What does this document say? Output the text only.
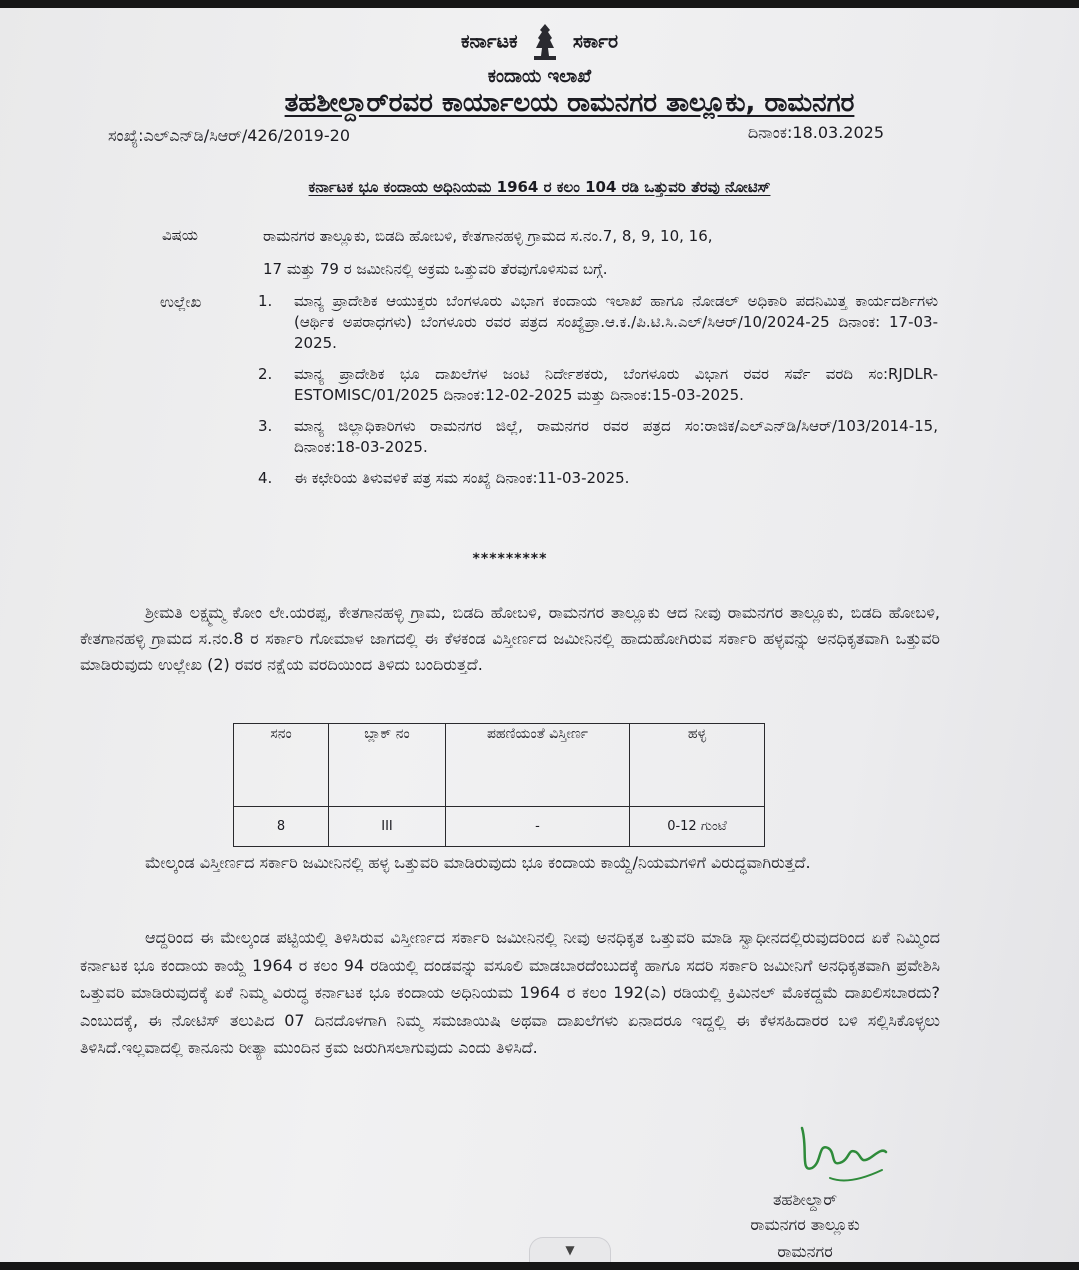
ಕರ್ನಾಟಕ	ಸರ್ಕಾರ
ಕಂದಾಯ ಇಲಾಖೆ
ತಹಶೀಲ್ದಾರ್‌ರವರ ಕಾರ್ಯಾಲಯ ರಾಮನಗರ ತಾಲ್ಲೂಕು, ರಾಮನಗರ
ಸಂಖ್ಯೆ:ಎಲ್ಎನ್‌ಡಿ/ಸಿಆರ್/426/2019-20	ದಿನಾಂಕ:18.03.2025
ಕರ್ನಾಟಕ ಭೂ ಕಂದಾಯ ಅಧಿನಿಯಮ 1964 ರ ಕಲಂ 104 ರಡಿ ಒತ್ತುವರಿ ತೆರವು ನೋಟಿಸ್
ವಿಷಯ	ರಾಮನಗರ ತಾಲ್ಲೂಕು, ಬಿಡದಿ ಹೋಬಳಿ, ಕೇತಗಾನಹಳ್ಳಿ ಗ್ರಾಮದ ಸ.ನಂ.7, 8, 9, 10, 16,
17 ಮತ್ತು 79 ರ ಜಮೀನಿನಲ್ಲಿ ಅಕ್ರಮ ಒತ್ತುವರಿ ತೆರವುಗೊಳಿಸುವ ಬಗ್ಗೆ.
ಉಲ್ಲೇಖ	1. ಮಾನ್ಯ ಪ್ರಾದೇಶಿಕ ಆಯುಕ್ತರು ಬೆಂಗಳೂರು ವಿಭಾಗ ಕಂದಾಯ ಇಲಾಖೆ ಹಾಗೂ ನೋಡಲ್ ಅಧಿಕಾರಿ ಪದನಿಮಿತ್ತ ಕಾರ್ಯದರ್ಶಿಗಳು (ಆರ್ಥಿಕ ಅಪರಾಧಗಳು) ಬೆಂಗಳೂರು ರವರ ಪತ್ರದ ಸಂಖ್ಯೆಪ್ರಾ.ಆ.ಕ./ಪಿ.ಟಿ.ಸಿ.ಎಲ್/ಸಿಆರ್/10/2024-25 ದಿನಾಂಕ: 17-03-2025.
2. ಮಾನ್ಯ ಪ್ರಾದೇಶಿಕ ಭೂ ದಾಖಲೆಗಳ ಜಂಟಿ ನಿರ್ದೇಶಕರು, ಬೆಂಗಳೂರು ವಿಭಾಗ ರವರ ಸರ್ವೆ ವರದಿ ಸಂ:RJDLR-ESTOMISC/01/2025 ದಿನಾಂಕ:12-02-2025 ಮತ್ತು ದಿನಾಂಕ:15-03-2025.
3. ಮಾನ್ಯ ಜಿಲ್ಲಾಧಿಕಾರಿಗಳು ರಾಮನಗರ ಜಿಲ್ಲೆ, ರಾಮನಗರ ರವರ ಪತ್ರದ ಸಂ:ರಾಜಿಕ/ಎಲ್ಎನ್‌ಡಿ/ಸಿಆರ್/103/2014-15, ದಿನಾಂಕ:18-03-2025.
4. ಈ ಕಛೇರಿಯ ತಿಳುವಳಿಕೆ ಪತ್ರ ಸಮ ಸಂಖ್ಯೆ ದಿನಾಂಕ:11-03-2025.
*********
ಶ್ರೀಮತಿ ಲಕ್ಷ್ಮಮ್ಮ ಕೋಂ ಲೇ.ಯರಪ್ಪ, ಕೇತಗಾನಹಳ್ಳಿ ಗ್ರಾಮ, ಬಿಡದಿ ಹೋಬಳಿ, ರಾಮನಗರ ತಾಲ್ಲೂಕು ಆದ ನೀವು ರಾಮನಗರ ತಾಲ್ಲೂಕು, ಬಿಡದಿ ಹೋಬಳಿ, ಕೇತಗಾನಹಳ್ಳಿ ಗ್ರಾಮದ ಸ.ನಂ.8 ರ ಸರ್ಕಾರಿ ಗೋಮಾಳ ಜಾಗದಲ್ಲಿ ಈ ಕೆಳಕಂಡ ವಿಸ್ತೀರ್ಣದ ಜಮೀನಿನಲ್ಲಿ ಹಾದುಹೋಗಿರುವ ಸರ್ಕಾರಿ ಹಳ್ಳವನ್ನು ಅನಧಿಕೃತವಾಗಿ ಒತ್ತುವರಿ ಮಾಡಿರುವುದು ಉಲ್ಲೇಖ (2) ರವರ ನಕ್ಷೆಯ ವರದಿಯಿಂದ ತಿಳಿದು ಬಂದಿರುತ್ತದೆ.
ಸನಂ	ಬ್ಲಾಕ್ ನಂ	ಪಹಣಿಯಂತೆ ವಿಸ್ತೀರ್ಣ	ಹಳ್ಳ
8	III	-	0-12 ಗುಂಟೆ
ಮೇಲ್ಕಂಡ ವಿಸ್ತೀರ್ಣದ ಸರ್ಕಾರಿ ಜಮೀನಿನಲ್ಲಿ ಹಳ್ಳ ಒತ್ತುವರಿ ಮಾಡಿರುವುದು ಭೂ ಕಂದಾಯ ಕಾಯ್ದೆ/ನಿಯಮಗಳಿಗೆ ವಿರುದ್ಧವಾಗಿರುತ್ತದೆ.
ಆದ್ದರಿಂದ ಈ ಮೇಲ್ಕಂಡ ಪಟ್ಟಿಯಲ್ಲಿ ತಿಳಿಸಿರುವ ವಿಸ್ತೀರ್ಣದ ಸರ್ಕಾರಿ ಜಮೀನಿನಲ್ಲಿ ನೀವು ಅನಧಿಕೃತ ಒತ್ತುವರಿ ಮಾಡಿ ಸ್ವಾಧೀನದಲ್ಲಿರುವುದರಿಂದ ಏಕೆ ನಿಮ್ಮಿಂದ ಕರ್ನಾಟಕ ಭೂ ಕಂದಾಯ ಕಾಯ್ದೆ 1964 ರ ಕಲಂ 94 ರಡಿಯಲ್ಲಿ ದಂಡವನ್ನು ವಸೂಲಿ ಮಾಡಬಾರದೆಂಬುದಕ್ಕೆ ಹಾಗೂ ಸದರಿ ಸರ್ಕಾರಿ ಜಮೀನಿಗೆ ಅನಧಿಕೃತವಾಗಿ ಪ್ರವೇಶಿಸಿ ಒತ್ತುವರಿ ಮಾಡಿರುವುದಕ್ಕೆ ಏಕೆ ನಿಮ್ಮ ವಿರುದ್ಧ ಕರ್ನಾಟಕ ಭೂ ಕಂದಾಯ ಅಧಿನಿಯಮ 1964 ರ ಕಲಂ 192(ಎ) ರಡಿಯಲ್ಲಿ ಕ್ರಿಮಿನಲ್ ಮೊಕದ್ದಮೆ ದಾಖಲಿಸಬಾರದು? ಎಂಬುದಕ್ಕೆ, ಈ ನೋಟಿಸ್ ತಲುಪಿದ 07 ದಿನದೊಳಗಾಗಿ ನಿಮ್ಮ ಸಮಜಾಯಿಷಿ ಅಥವಾ ದಾಖಲೆಗಳು ಏನಾದರೂ ಇದ್ದಲ್ಲಿ ಈ ಕೆಳಸಹಿದಾರರ ಬಳಿ ಸಲ್ಲಿಸಿಕೊಳ್ಳಲು ತಿಳಿಸಿದೆ.ಇಲ್ಲವಾದಲ್ಲಿ ಕಾನೂನು ರೀತ್ಯಾ ಮುಂದಿನ ಕ್ರಮ ಜರುಗಿಸಲಾಗುವುದು ಎಂದು ತಿಳಿಸಿದೆ.
ತಹಶೀಲ್ದಾರ್
ರಾಮನಗರ ತಾಲ್ಲೂಕು
ರಾಮನಗರ
▼
